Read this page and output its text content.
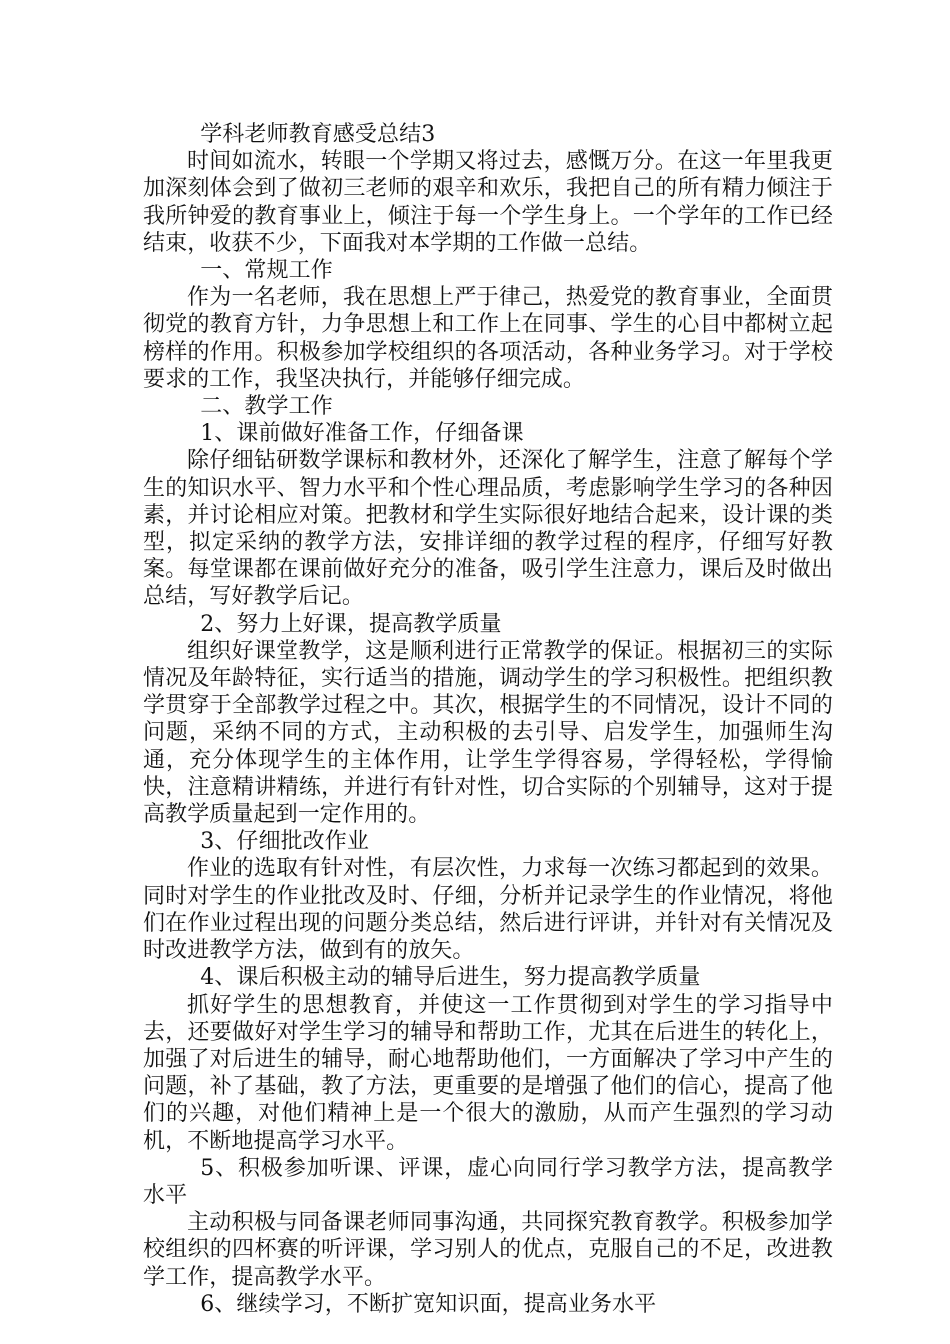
学科老师教育感受总结3

时间如流水，转眼一个学期又将过去，感慨万分。在这一年里我更加深刻体会到了做初三老师的艰辛和欢乐，我把自己的所有精力倾注于我所钟爱的教育事业上，倾注于每一个学生身上。一个学年的工作已经结束，收获不少，下面我对本学期的工作做一总结。

一、常规工作

作为一名老师，我在思想上严于律己，热爱党的教育事业，全面贯彻党的教育方针，力争思想上和工作上在同事、学生的心目中都树立起榜样的作用。积极参加学校组织的各项活动，各种业务学习。对于学校要求的工作，我坚决执行，并能够仔细完成。

二、教学工作

1、课前做好准备工作，仔细备课

除仔细钻研数学课标和教材外，还深化了解学生，注意了解每个学生的知识水平、智力水平和个性心理品质，考虑影响学生学习的各种因素，并讨论相应对策。把教材和学生实际很好地结合起来，设计课的类型，拟定采纳的教学方法，安排详细的教学过程的程序，仔细写好教案。每堂课都在课前做好充分的准备，吸引学生注意力，课后及时做出总结，写好教学后记。

2、努力上好课，提高教学质量

组织好课堂教学，这是顺利进行正常教学的保证。根据初三的实际情况及年龄特征，实行适当的措施，调动学生的学习积极性。把组织教学贯穿于全部教学过程之中。其次，根据学生的不同情况，设计不同的问题，采纳不同的方式，主动积极的去引导、启发学生，加强师生沟通，充分体现学生的主体作用，让学生学得容易，学得轻松，学得愉快，注意精讲精练，并进行有针对性，切合实际的个别辅导，这对于提高教学质量起到一定作用的。

3、仔细批改作业

作业的选取有针对性，有层次性，力求每一次练习都起到的效果。同时对学生的作业批改及时、仔细，分析并记录学生的作业情况，将他们在作业过程出现的问题分类总结，然后进行评讲，并针对有关情况及时改进教学方法，做到有的放矢。

4、课后积极主动的辅导后进生，努力提高教学质量

抓好学生的思想教育，并使这一工作贯彻到对学生的学习指导中去，还要做好对学生学习的辅导和帮助工作，尤其在后进生的转化上，加强了对后进生的辅导，耐心地帮助他们，一方面解决了学习中产生的问题，补了基础，教了方法，更重要的是增强了他们的信心，提高了他们的兴趣，对他们精神上是一个很大的激励，从而产生强烈的学习动机，不断地提高学习水平。

5、积极参加听课、评课，虚心向同行学习教学方法，提高教学水平

主动积极与同备课老师同事沟通，共同探究教育教学。积极参加学校组织的四杯赛的听评课，学习别人的优点，克服自己的不足，改进教学工作，提高教学水平。

6、继续学习，不断扩宽知识面，提高业务水平
